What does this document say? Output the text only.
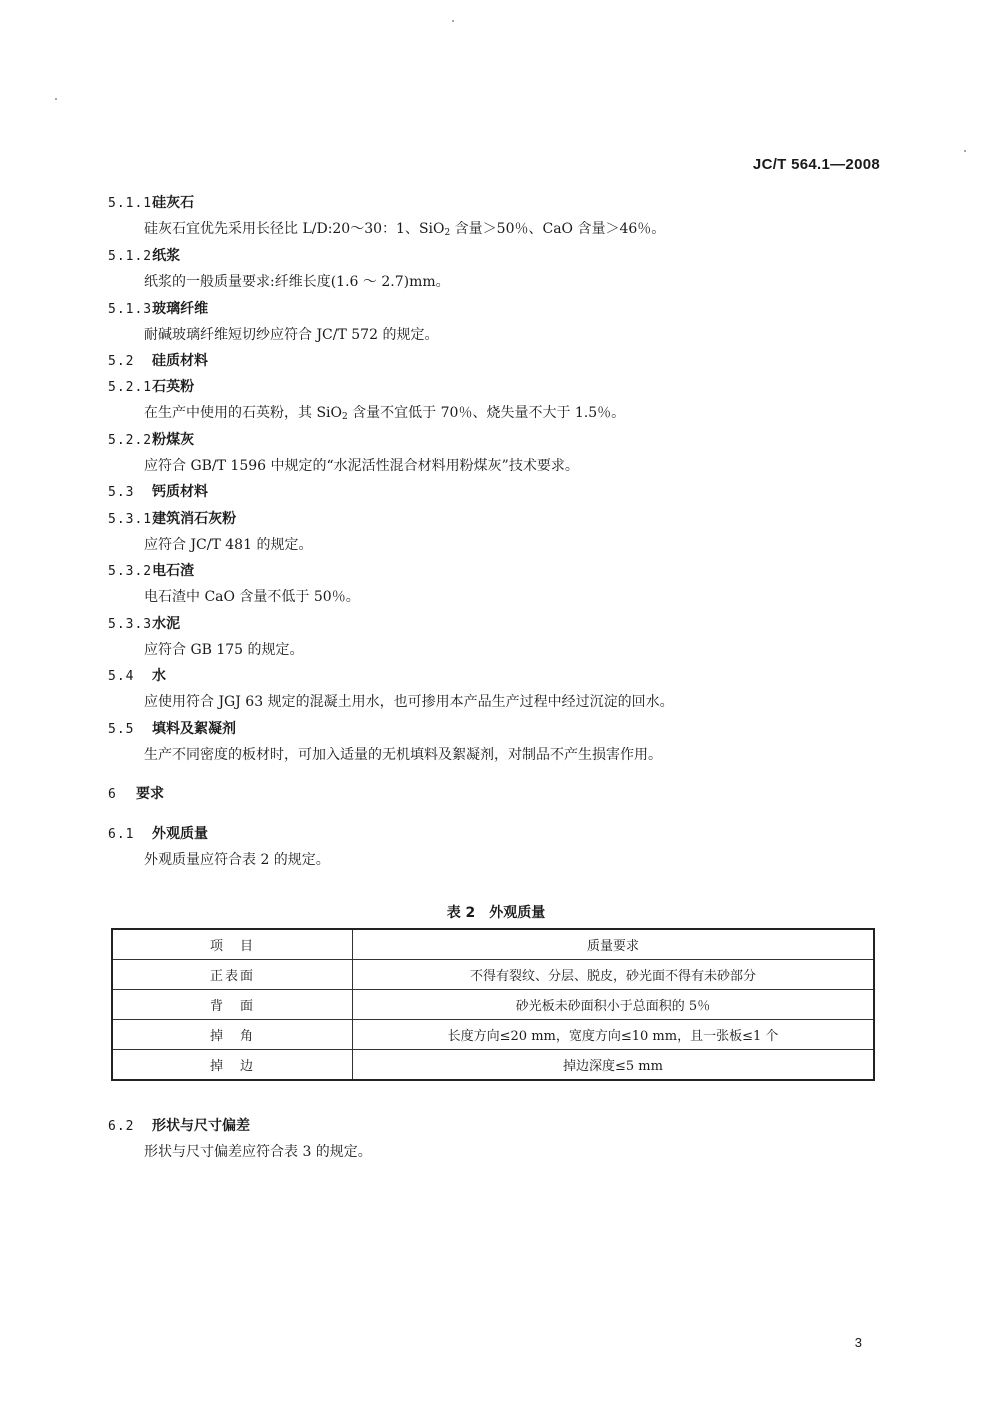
JC/T 564.1—2008
5.1.1硅灰石
硅灰石宜优先采用长径比 L/D:20～30：1、SiO$_2$ 含量＞50％、CaO 含量＞46％。
5.1.2纸浆
纸浆的一般质量要求:纤维长度(1.6 ～ 2.7)mm。
5.1.3玻璃纤维
耐碱玻璃纤维短切纱应符合 JC/T 572 的规定。
5.2 硅质材料
5.2.1石英粉
在生产中使用的石英粉，其 SiO$_2$ 含量不宜低于 70％、烧失量不大于 1.5％。
5.2.2粉煤灰
应符合 GB/T 1596 中规定的“水泥活性混合材料用粉煤灰”技术要求。
5.3 钙质材料
5.3.1建筑消石灰粉
应符合 JC/T 481 的规定。
5.3.2电石渣
电石渣中 CaO 含量不低于 50％。
5.3.3水泥
应符合 GB 175 的规定。
5.4 水
应使用符合 JGJ 63 规定的混凝土用水，也可掺用本产品生产过程中经过沉淀的回水。
5.5 填料及絮凝剂
生产不同密度的板材时，可加入适量的无机填料及絮凝剂，对制品不产生损害作用。
6 要求
6.1 外观质量
外观质量应符合表 2 的规定。
表 2　外观质量
项　目	质量要求
正表面	不得有裂纹、分层、脱皮，砂光面不得有未砂部分
背　面	砂光板未砂面积小于总面积的 5％
掉　角	长度方向≤20 mm，宽度方向≤10 mm，且一张板≤1 个
掉　边	掉边深度≤5 mm
6.2 形状与尺寸偏差
形状与尺寸偏差应符合表 3 的规定。
3
